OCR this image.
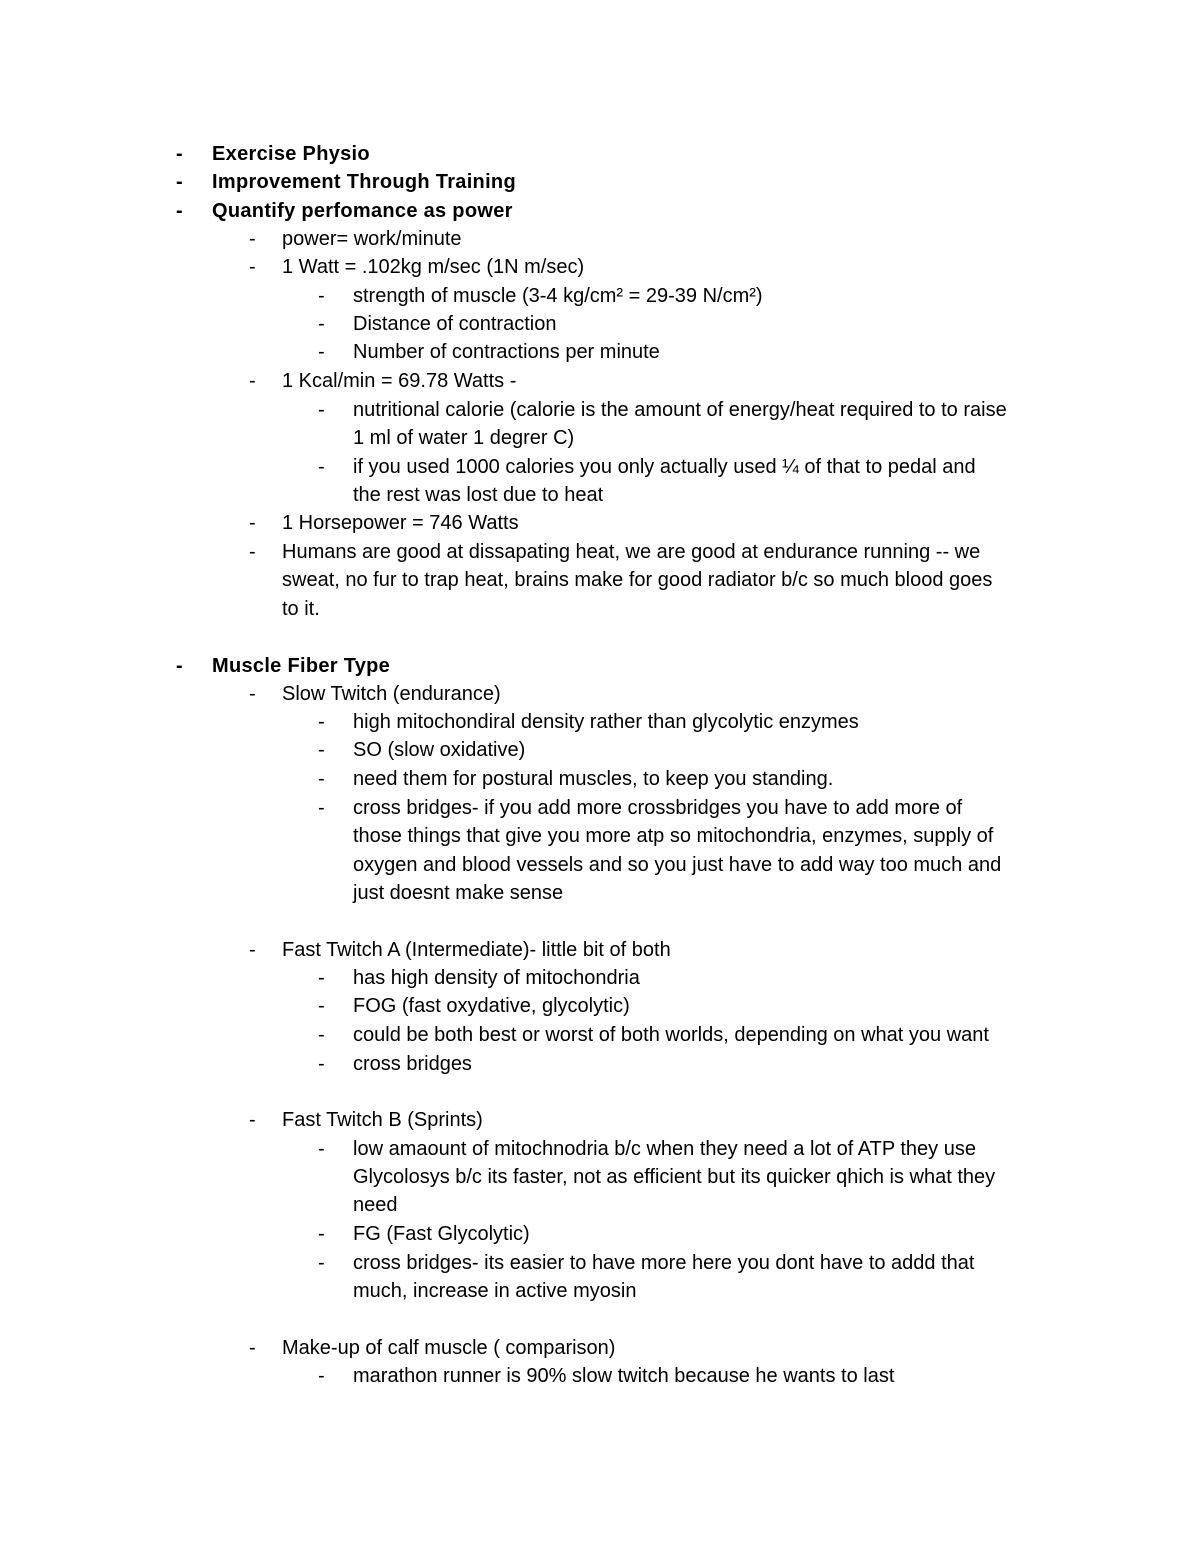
- Exercise Physio
- Improvement Through Training
- Quantify perfomance as power
- power= work/minute
- 1 Watt = .102kg m/sec (1N m/sec)
- strength of muscle (3-4 kg/cm² = 29-39 N/cm²)
- Distance of contraction
- Number of contractions per minute
- 1 Kcal/min = 69.78 Watts -
- nutritional calorie (calorie is the amount of energy/heat required to to raise
1 ml of water 1 degrer C)
- if you used 1000 calories you only actually used ¼ of that to pedal and
the rest was lost due to heat
- 1 Horsepower = 746 Watts
- Humans are good at dissapating heat, we are good at endurance running -- we
sweat, no fur to trap heat, brains make for good radiator b/c so much blood goes
to it.
- Muscle Fiber Type
- Slow Twitch (endurance)
- high mitochondiral density rather than glycolytic enzymes
- SO (slow oxidative)
- need them for postural muscles, to keep you standing.
- cross bridges- if you add more crossbridges you have to add more of
those things that give you more atp so mitochondria, enzymes, supply of
oxygen and blood vessels and so you just have to add way too much and
just doesnt make sense
- Fast Twitch A (Intermediate)- little bit of both
- has high density of mitochondria
- FOG (fast oxydative, glycolytic)
- could be both best or worst of both worlds, depending on what you want
- cross bridges
- Fast Twitch B (Sprints)
- low amaount of mitochnodria b/c when they need a lot of ATP they use
Glycolosys b/c its faster, not as efficient but its quicker qhich is what they
need
- FG (Fast Glycolytic)
- cross bridges- its easier to have more here you dont have to addd that
much, increase in active myosin
- Make-up of calf muscle ( comparison)
- marathon runner is 90% slow twitch because he wants to last
